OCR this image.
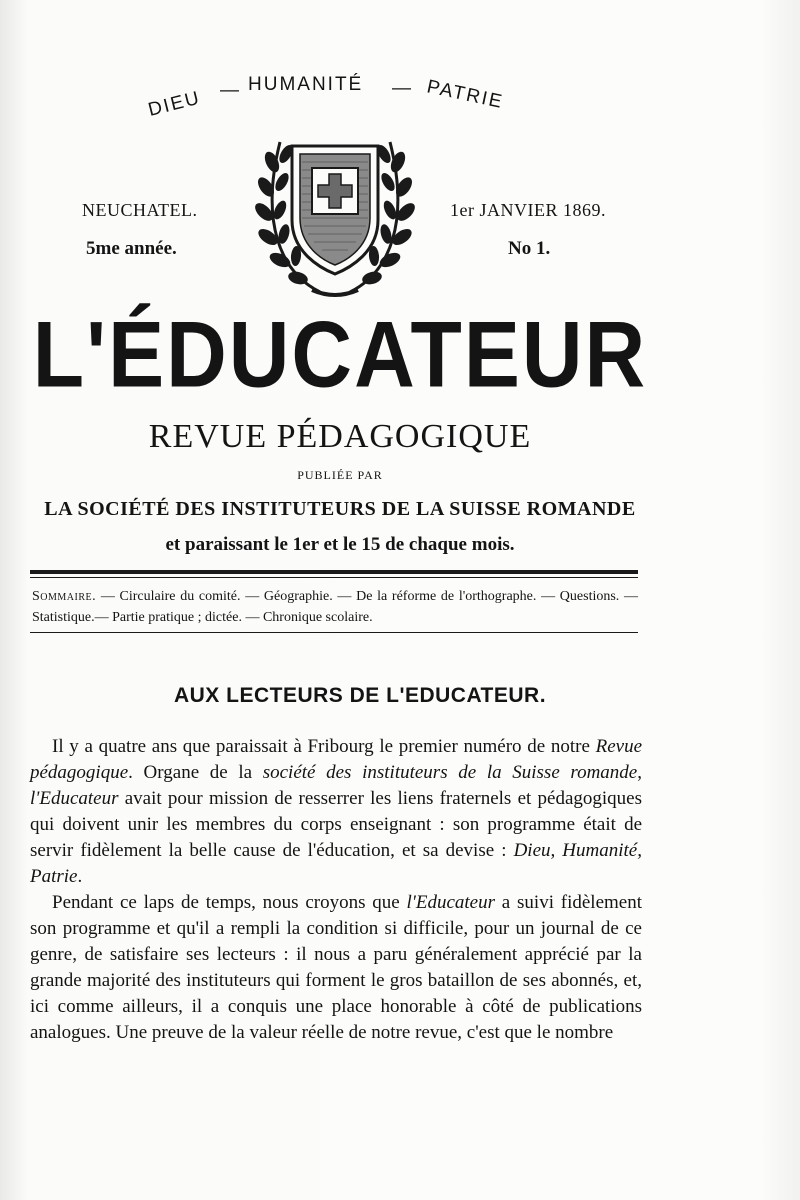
DIEU — HUMANITÉ — PATRIE
NEUCHATEL.
5me année.
1er JANVIER 1869.
No 1.
L'ÉDUCATEUR
REVUE PÉDAGOGIQUE
PUBLIÉE PAR
LA SOCIÉTÉ DES INSTITUTEURS DE LA SUISSE ROMANDE
et paraissant le 1er et le 15 de chaque mois.
Sommaire. — Circulaire du comité. — Géographie. — De la réforme de l'orthographe. — Questions. — Statistique.— Partie pratique ; dictée. — Chronique scolaire.
AUX LECTEURS DE L'EDUCATEUR.

Il y a quatre ans que paraissait à Fribourg le premier numéro de notre Revue pédagogique. Organe de la société des instituteurs de la Suisse romande, l'Educateur avait pour mission de resserrer les liens fraternels et pédagogiques qui doivent unir les membres du corps enseignant : son programme était de servir fidèlement la belle cause de l'éducation, et sa devise : Dieu, Humanité, Patrie.

Pendant ce laps de temps, nous croyons que l'Educateur a suivi fidèlement son programme et qu'il a rempli la condition si difficile, pour un journal de ce genre, de satisfaire ses lecteurs : il nous a paru généralement apprécié par la grande majorité des instituteurs qui forment le gros bataillon de ses abonnés, et, ici comme ailleurs, il a conquis une place honorable à côté de publications analogues. Une preuve de la valeur réelle de notre revue, c'est que le nombre
